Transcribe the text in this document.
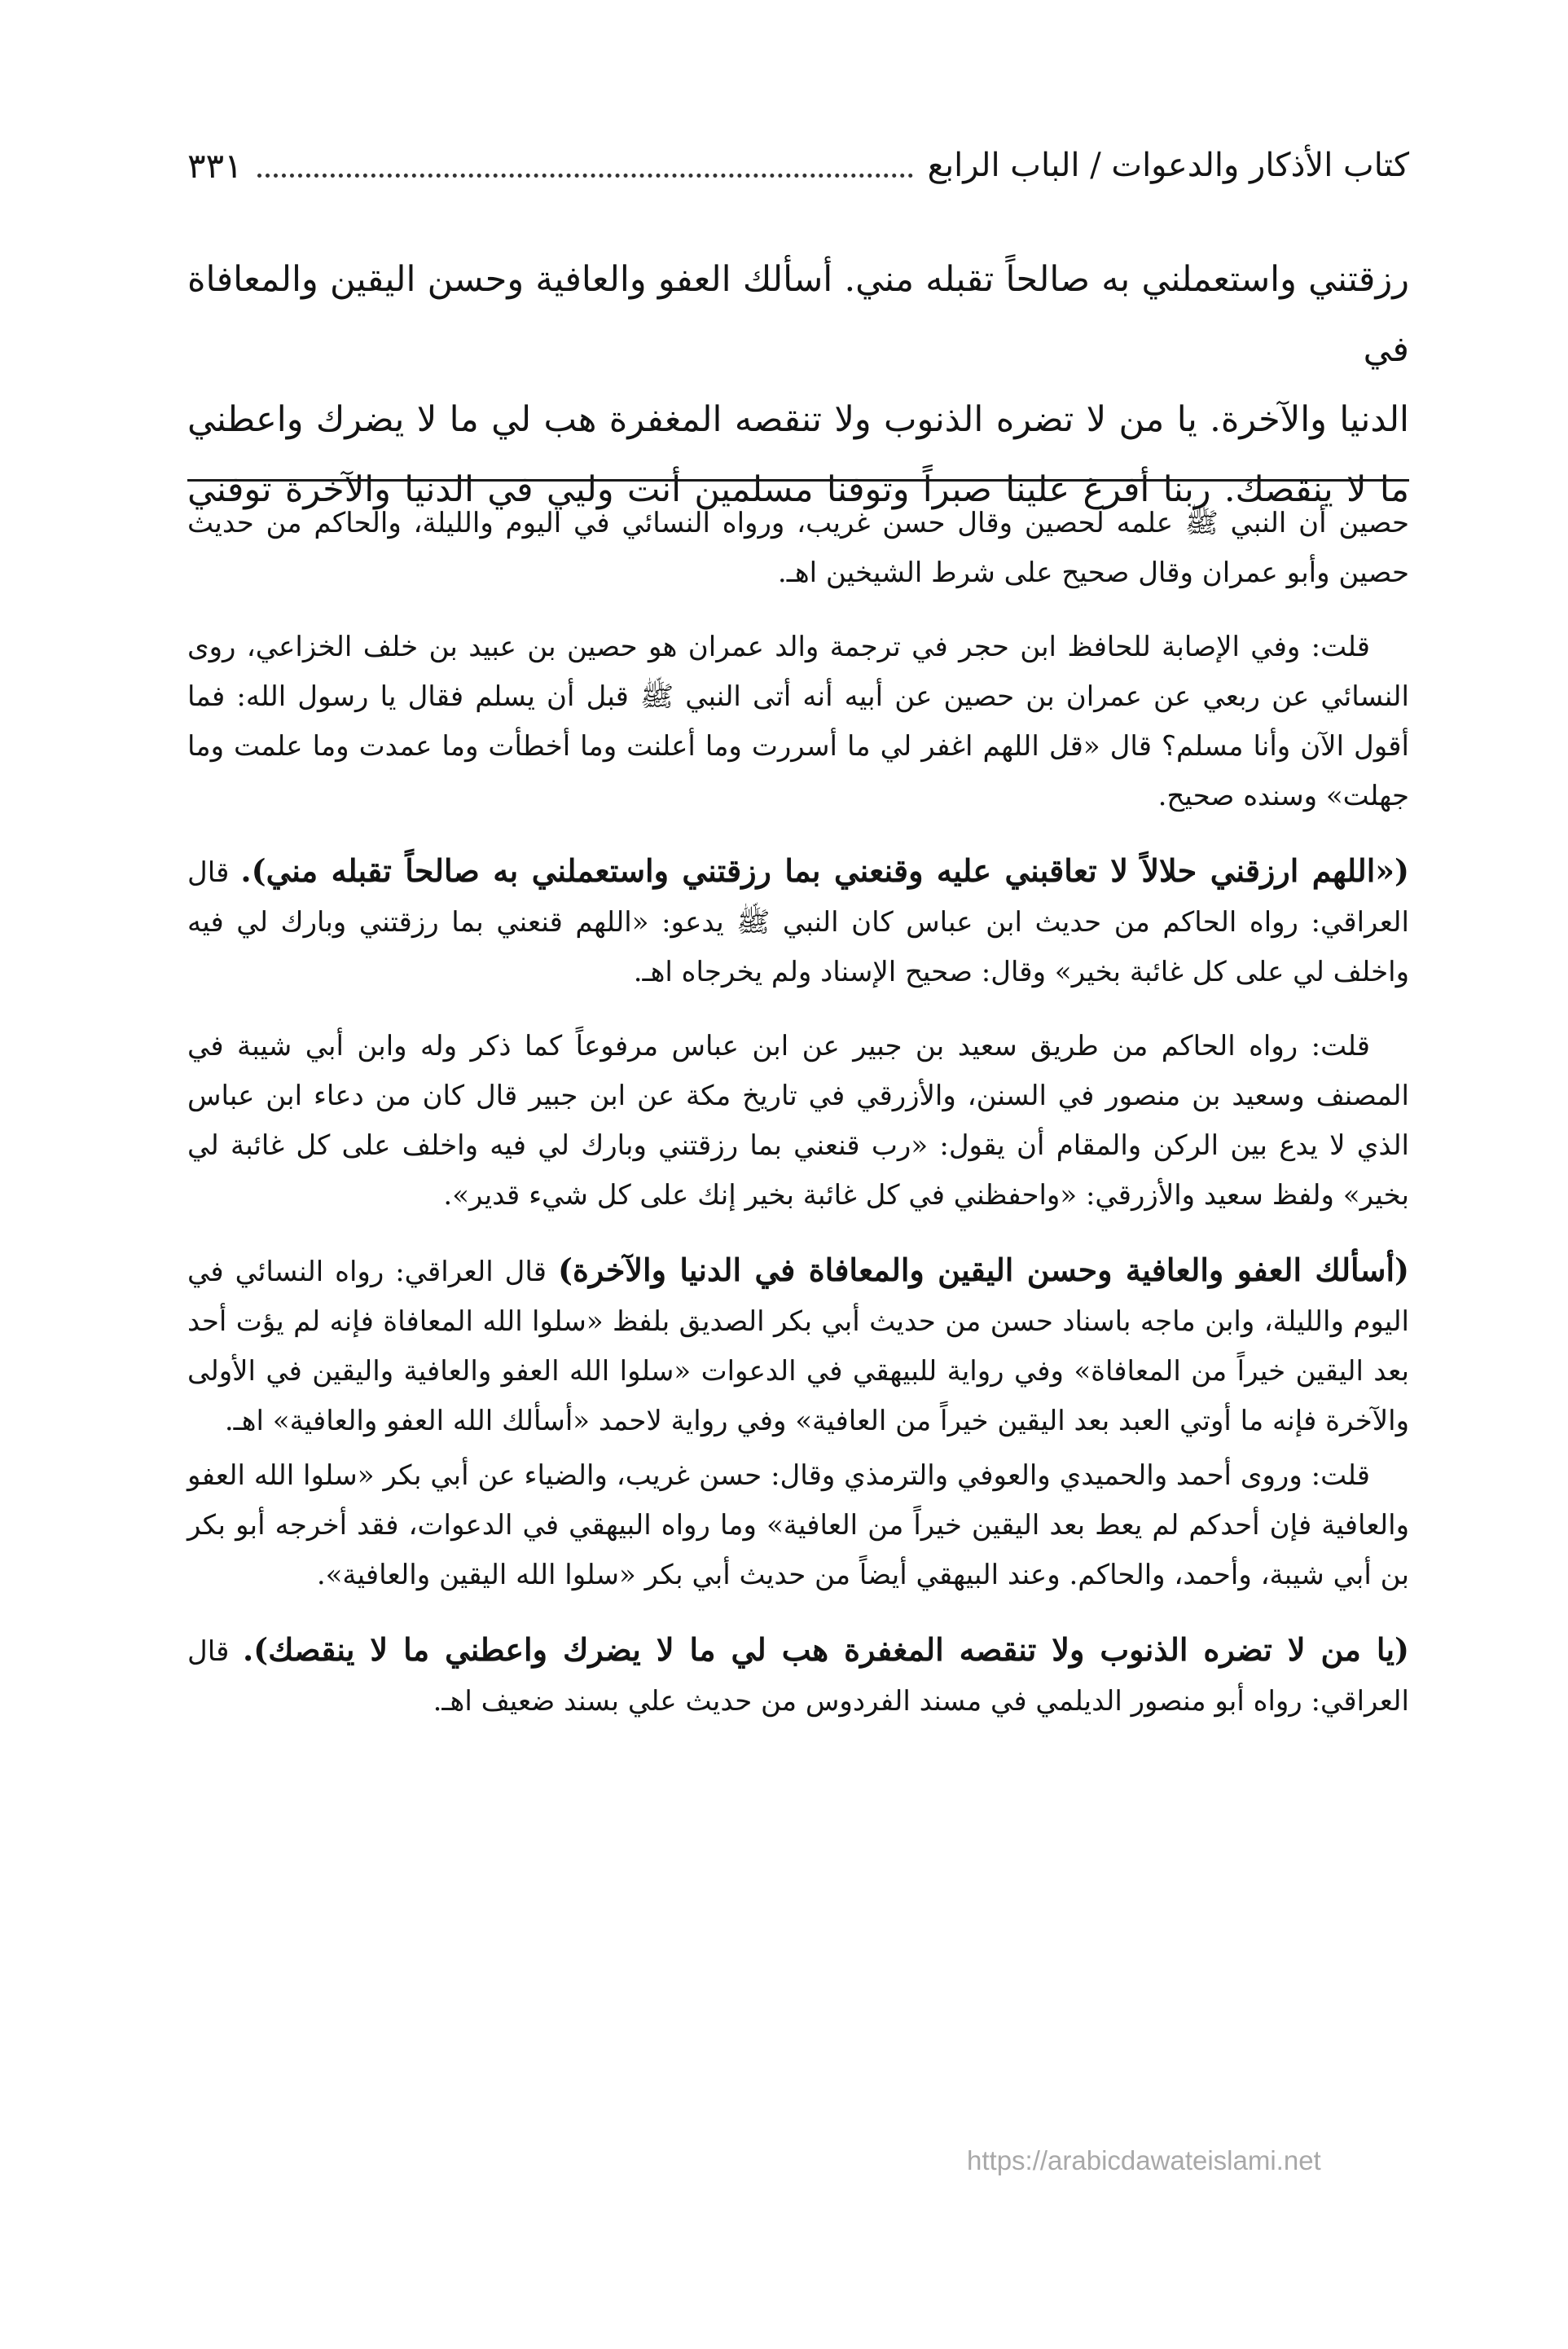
كتاب الأذكار والدعوات / الباب الرابع
٣٣١

رزقتني واستعملني به صالحاً تقبله مني. أسألك العفو والعافية وحسن اليقين والمعافاة في

الدنيا والآخرة. يا من لا تضره الذنوب ولا تنقصه المغفرة هب لي ما لا يضرك واعطني

ما لا ينقصك. ربنا أفرغ علينا صبراً وتوفنا مسلمين أنت وليي في الدنيا والآخرة توفني

حصين أن النبي ﷺ علمه لحصين وقال حسن غريب، ورواه النسائي في اليوم والليلة، والحاكم من حديث حصين وأبو عمران وقال صحيح على شرط الشيخين اهـ.

قلت: وفي الإصابة للحافظ ابن حجر في ترجمة والد عمران هو حصين بن عبيد بن خلف الخزاعي، روى النسائي عن ربعي عن عمران بن حصين عن أبيه أنه أتى النبي ﷺ قبل أن يسلم فقال يا رسول الله: فما أقول الآن وأنا مسلم؟ قال «قل اللهم اغفر لي ما أسررت وما أعلنت وما أخطأت وما عمدت وما علمت وما جهلت» وسنده صحيح.

(«اللهم ارزقني حلالاً لا تعاقبني عليه وقنعني بما رزقتني واستعملني به صالحاً تقبله مني). قال العراقي: رواه الحاكم من حديث ابن عباس كان النبي ﷺ يدعو: «اللهم قنعني بما رزقتني وبارك لي فيه واخلف لي على كل غائبة بخير» وقال: صحيح الإسناد ولم يخرجاه اهـ.

قلت: رواه الحاكم من طريق سعيد بن جبير عن ابن عباس مرفوعاً كما ذكر وله وابن أبي شيبة في المصنف وسعيد بن منصور في السنن، والأزرقي في تاريخ مكة عن ابن جبير قال كان من دعاء ابن عباس الذي لا يدع بين الركن والمقام أن يقول: «رب قنعني بما رزقتني وبارك لي فيه واخلف على كل غائبة لي بخير» ولفظ سعيد والأزرقي: «واحفظني في كل غائبة بخير إنك على كل شيء قدير».

(أسألك العفو والعافية وحسن اليقين والمعافاة في الدنيا والآخرة) قال العراقي: رواه النسائي في اليوم والليلة، وابن ماجه باسناد حسن من حديث أبي بكر الصديق بلفظ «سلوا الله المعافاة فإنه لم يؤت أحد بعد اليقين خيراً من المعافاة» وفي رواية للبيهقي في الدعوات «سلوا الله العفو والعافية واليقين في الأولى والآخرة فإنه ما أوتي العبد بعد اليقين خيراً من العافية» وفي رواية لاحمد «أسألك الله العفو والعافية» اهـ.

قلت: وروى أحمد والحميدي والعوفي والترمذي وقال: حسن غريب، والضياء عن أبي بكر «سلوا الله العفو والعافية فإن أحدكم لم يعط بعد اليقين خيراً من العافية» وما رواه البيهقي في الدعوات، فقد أخرجه أبو بكر بن أبي شيبة، وأحمد، والحاكم. وعند البيهقي أيضاً من حديث أبي بكر «سلوا الله اليقين والعافية».

(يا من لا تضره الذنوب ولا تنقصه المغفرة هب لي ما لا يضرك واعطني ما لا ينقصك). قال العراقي: رواه أبو منصور الديلمي في مسند الفردوس من حديث علي بسند ضعيف اهـ.

https://arabicdawateislami.net
